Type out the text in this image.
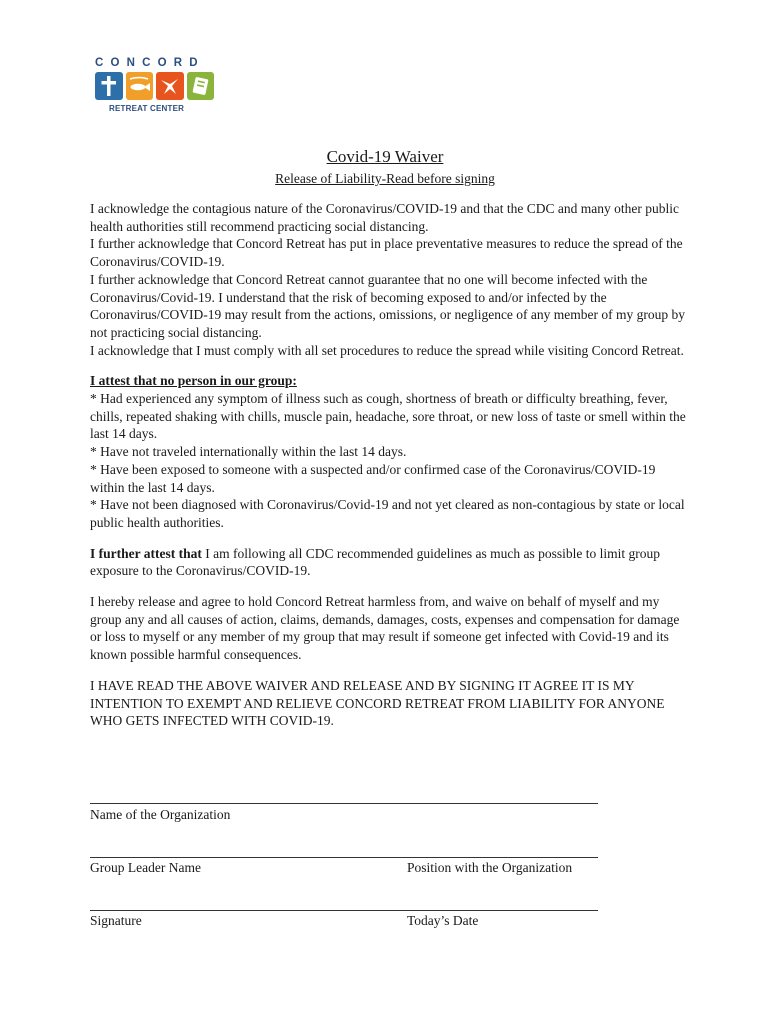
CONCORD
RETREAT CENTER
Covid-19 Waiver
Release of Liability-Read before signing

I acknowledge the contagious nature of the Coronavirus/COVID-19 and that the CDC and many other public health authorities still recommend practicing social distancing.

I further acknowledge that Concord Retreat has put in place preventative measures to reduce the spread of the Coronavirus/COVID-19.

I further acknowledge that Concord Retreat cannot guarantee that no one will become infected with the Coronavirus/Covid-19. I understand that the risk of becoming exposed to and/or infected by the Coronavirus/COVID-19 may result from the actions, omissions, or negligence of any member of my group by not practicing social distancing.

I acknowledge that I must comply with all set procedures to reduce the spread while visiting Concord Retreat.

I attest that no person in our group:

* Had experienced any symptom of illness such as cough, shortness of breath or difficulty breathing, fever, chills, repeated shaking with chills, muscle pain, headache, sore throat, or new loss of taste or smell within the last 14 days.

* Have not traveled internationally within the last 14 days.

* Have been exposed to someone with a suspected and/or confirmed case of the Coronavirus/COVID-19 within the last 14 days.

* Have not been diagnosed with Coronavirus/Covid-19 and not yet cleared as non-contagious by state or local public health authorities.

I further attest that I am following all CDC recommended guidelines as much as possible to limit group exposure to the Coronavirus/COVID-19.

I hereby release and agree to hold Concord Retreat harmless from, and waive on behalf of myself and my group any and all causes of action, claims, demands, damages, costs, expenses and compensation for damage or loss to myself or any member of my group that may result if someone get infected with Covid-19 and its known possible harmful consequences.

I HAVE READ THE ABOVE WAIVER AND RELEASE AND BY SIGNING IT AGREE IT IS MY INTENTION TO EXEMPT AND RELIEVE CONCORD RETREAT FROM LIABILITY FOR ANYONE WHO GETS INFECTED WITH COVID-19.

Name of the Organization
Group Leader Name	Position with the Organization
Signature	Today’s Date
